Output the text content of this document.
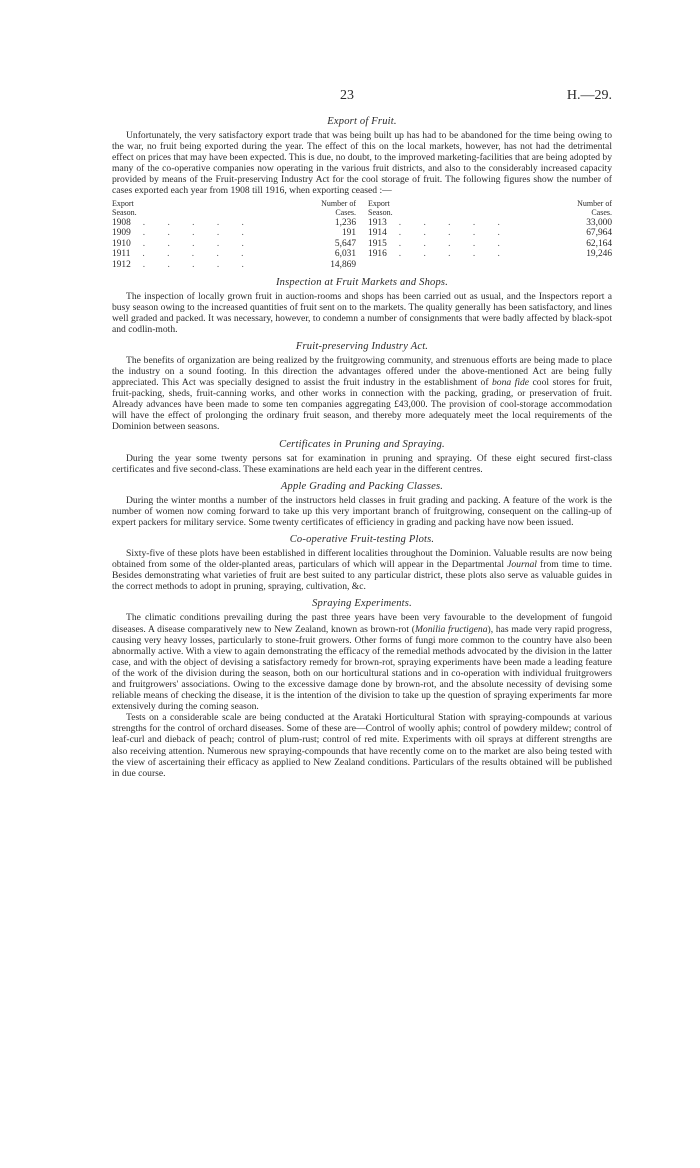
23	H.—29.
Export of Fruit.

Unfortunately, the very satisfactory export trade that was being built up has had to be abandoned for the time being owing to the war, no fruit being exported during the year. The effect of this on the local markets, however, has not had the detrimental effect on prices that may have been expected. This is due, no doubt, to the improved marketing-facilities that are being adopted by many of the co-operative companies now operating in the various fruit districts, and also to the considerably increased capacity provided by means of the Fruit-preserving Industry Act for the cool storage of fruit. The following figures show the number of cases exported each year from 1908 till 1916, when exporting ceased :—

Export Season.
Number of Cases.
1908	. . . . .	1,236
1909	. . . . .	191
1910	. . . . .	5,647
1911	. . . . .	6,031
1912	. . . . .	14,869
Export Season.
Number of Cases.
1913	. . . . .	33,000
1914	. . . . .	67,964
1915	. . . . .	62,164
1916	. . . . .	19,246
Inspection at Fruit Markets and Shops.

The inspection of locally grown fruit in auction-rooms and shops has been carried out as usual, and the Inspectors report a busy season owing to the increased quantities of fruit sent on to the markets. The quality generally has been satisfactory, and lines well graded and packed. It was necessary, however, to condemn a number of consignments that were badly affected by black-spot and codlin-moth.

Fruit-preserving Industry Act.

The benefits of organization are being realized by the fruitgrowing community, and strenuous efforts are being made to place the industry on a sound footing. In this direction the advantages offered under the above-mentioned Act are being fully appreciated. This Act was specially designed to assist the fruit industry in the establishment of bona fide cool stores for fruit, fruit-packing, sheds, fruit-canning works, and other works in connection with the packing, grading, or preservation of fruit. Already advances have been made to some ten companies aggregating £43,000. The provision of cool-storage accommodation will have the effect of prolonging the ordinary fruit season, and thereby more adequately meet the local requirements of the Dominion between seasons.

Certificates in Pruning and Spraying.

During the year some twenty persons sat for examination in pruning and spraying. Of these eight secured first-class certificates and five second-class. These examinations are held each year in the different centres.

Apple Grading and Packing Classes.

During the winter months a number of the instructors held classes in fruit grading and packing. A feature of the work is the number of women now coming forward to take up this very important branch of fruitgrowing, consequent on the calling-up of expert packers for military service. Some twenty certificates of efficiency in grading and packing have now been issued.

Co-operative Fruit-testing Plots.

Sixty-five of these plots have been established in different localities throughout the Dominion. Valuable results are now being obtained from some of the older-planted areas, particulars of which will appear in the Departmental Journal from time to time. Besides demonstrating what varieties of fruit are best suited to any particular district, these plots also serve as valuable guides in the correct methods to adopt in pruning, spraying, cultivation, &c.

Spraying Experiments.

The climatic conditions prevailing during the past three years have been very favourable to the development of fungoid diseases. A disease comparatively new to New Zealand, known as brown-rot (Monilia fructigena), has made very rapid progress, causing very heavy losses, particularly to stone-fruit growers. Other forms of fungi more common to the country have also been abnormally active. With a view to again demonstrating the efficacy of the remedial methods advocated by the division in the latter case, and with the object of devising a satisfactory remedy for brown-rot, spraying experiments have been made a leading feature of the work of the division during the season, both on our horticultural stations and in co-operation with individual fruitgrowers and fruitgrowers' associations. Owing to the excessive damage done by brown-rot, and the absolute necessity of devising some reliable means of checking the disease, it is the intention of the division to take up the question of spraying experiments far more extensively during the coming season.

Tests on a considerable scale are being conducted at the Arataki Horticultural Station with spraying-compounds at various strengths for the control of orchard diseases. Some of these are—Control of woolly aphis; control of powdery mildew; control of leaf-curl and dieback of peach; control of plum-rust; control of red mite. Experiments with oil sprays at different strengths are also receiving attention. Numerous new spraying-compounds that have recently come on to the market are also being tested with the view of ascertaining their efficacy as applied to New Zealand conditions. Particulars of the results obtained will be published in due course.
